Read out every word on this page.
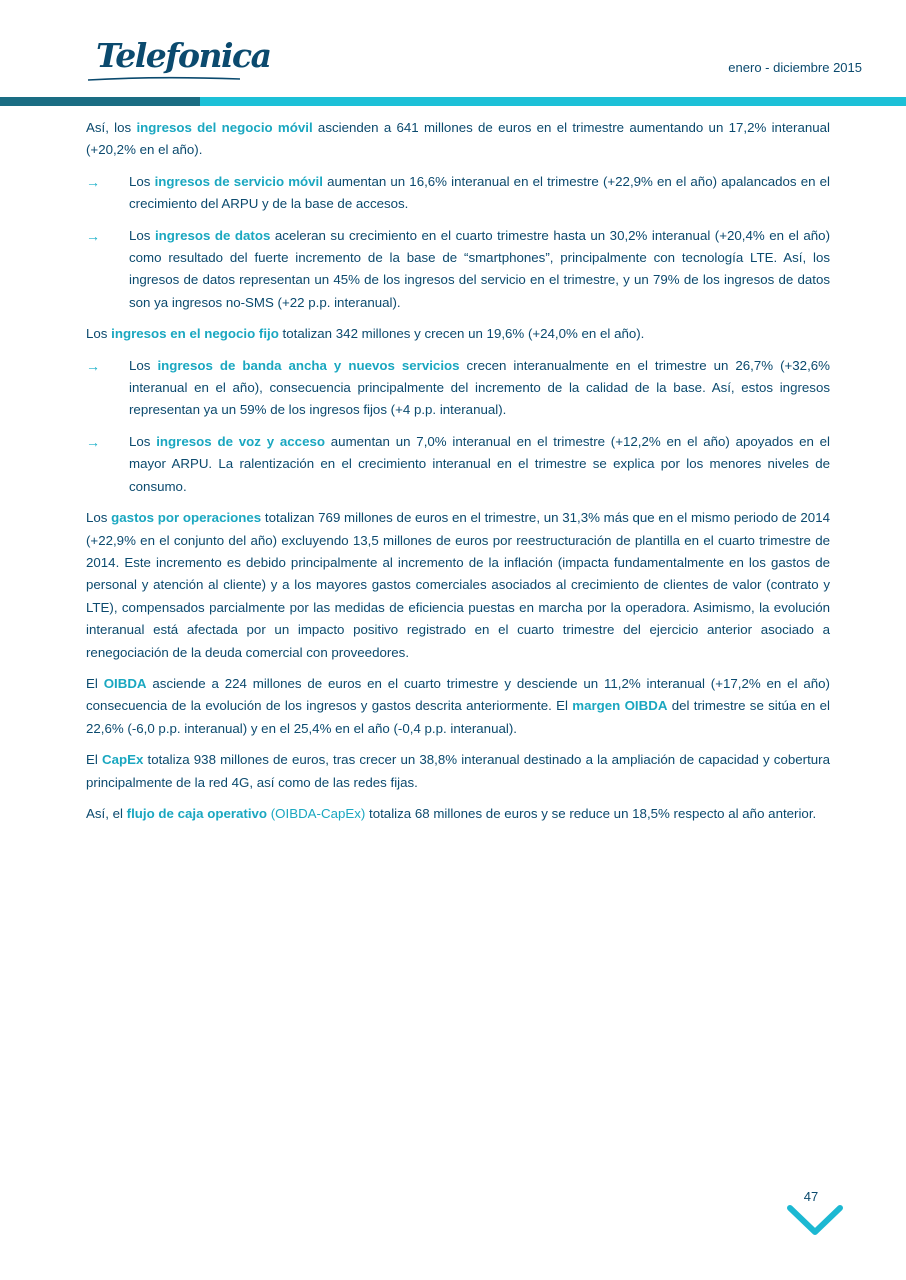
Telefonica	enero - diciembre 2015

Así, los ingresos del negocio móvil ascienden a 641 millones de euros en el trimestre aumentando un 17,2% interanual (+20,2% en el año).

→ Los ingresos de servicio móvil aumentan un 16,6% interanual en el trimestre (+22,9% en el año) apalancados en el crecimiento del ARPU y de la base de accesos.
→ Los ingresos de datos aceleran su crecimiento en el cuarto trimestre hasta un 30,2% interanual (+20,4% en el año) como resultado del fuerte incremento de la base de “smartphones”, principalmente con tecnología LTE. Así, los ingresos de datos representan un 45% de los ingresos del servicio en el trimestre, y un 79% de los ingresos de datos son ya ingresos no-SMS (+22 p.p. interanual).

Los ingresos en el negocio fijo totalizan 342 millones y crecen un 19,6% (+24,0% en el año).

→ Los ingresos de banda ancha y nuevos servicios crecen interanualmente en el trimestre un 26,7% (+32,6% interanual en el año), consecuencia principalmente del incremento de la calidad de la base. Así, estos ingresos representan ya un 59% de los ingresos fijos (+4 p.p. interanual).
→ Los ingresos de voz y acceso aumentan un 7,0% interanual en el trimestre (+12,2% en el año) apoyados en el mayor ARPU. La ralentización en el crecimiento interanual en el trimestre se explica por los menores niveles de consumo.

Los gastos por operaciones totalizan 769 millones de euros en el trimestre, un 31,3% más que en el mismo periodo de 2014 (+22,9% en el conjunto del año) excluyendo 13,5 millones de euros por reestructuración de plantilla en el cuarto trimestre de 2014. Este incremento es debido principalmente al incremento de la inflación (impacta fundamentalmente en los gastos de personal y atención al cliente) y a los mayores gastos comerciales asociados al crecimiento de clientes de valor (contrato y LTE), compensados parcialmente por las medidas de eficiencia puestas en marcha por la operadora. Asimismo, la evolución interanual está afectada por un impacto positivo registrado en el cuarto trimestre del ejercicio anterior asociado a renegociación de la deuda comercial con proveedores.

El OIBDA asciende a 224 millones de euros en el cuarto trimestre y desciende un 11,2% interanual (+17,2% en el año) consecuencia de la evolución de los ingresos y gastos descrita anteriormente. El margen OIBDA del trimestre se sitúa en el 22,6% (-6,0 p.p. interanual) y en el 25,4% en el año (-0,4 p.p. interanual).

El CapEx totaliza 938 millones de euros, tras crecer un 38,8% interanual destinado a la ampliación de capacidad y cobertura principalmente de la red 4G, así como de las redes fijas.

Así, el flujo de caja operativo (OIBDA-CapEx) totaliza 68 millones de euros y se reduce un 18,5% respecto al año anterior.

47
